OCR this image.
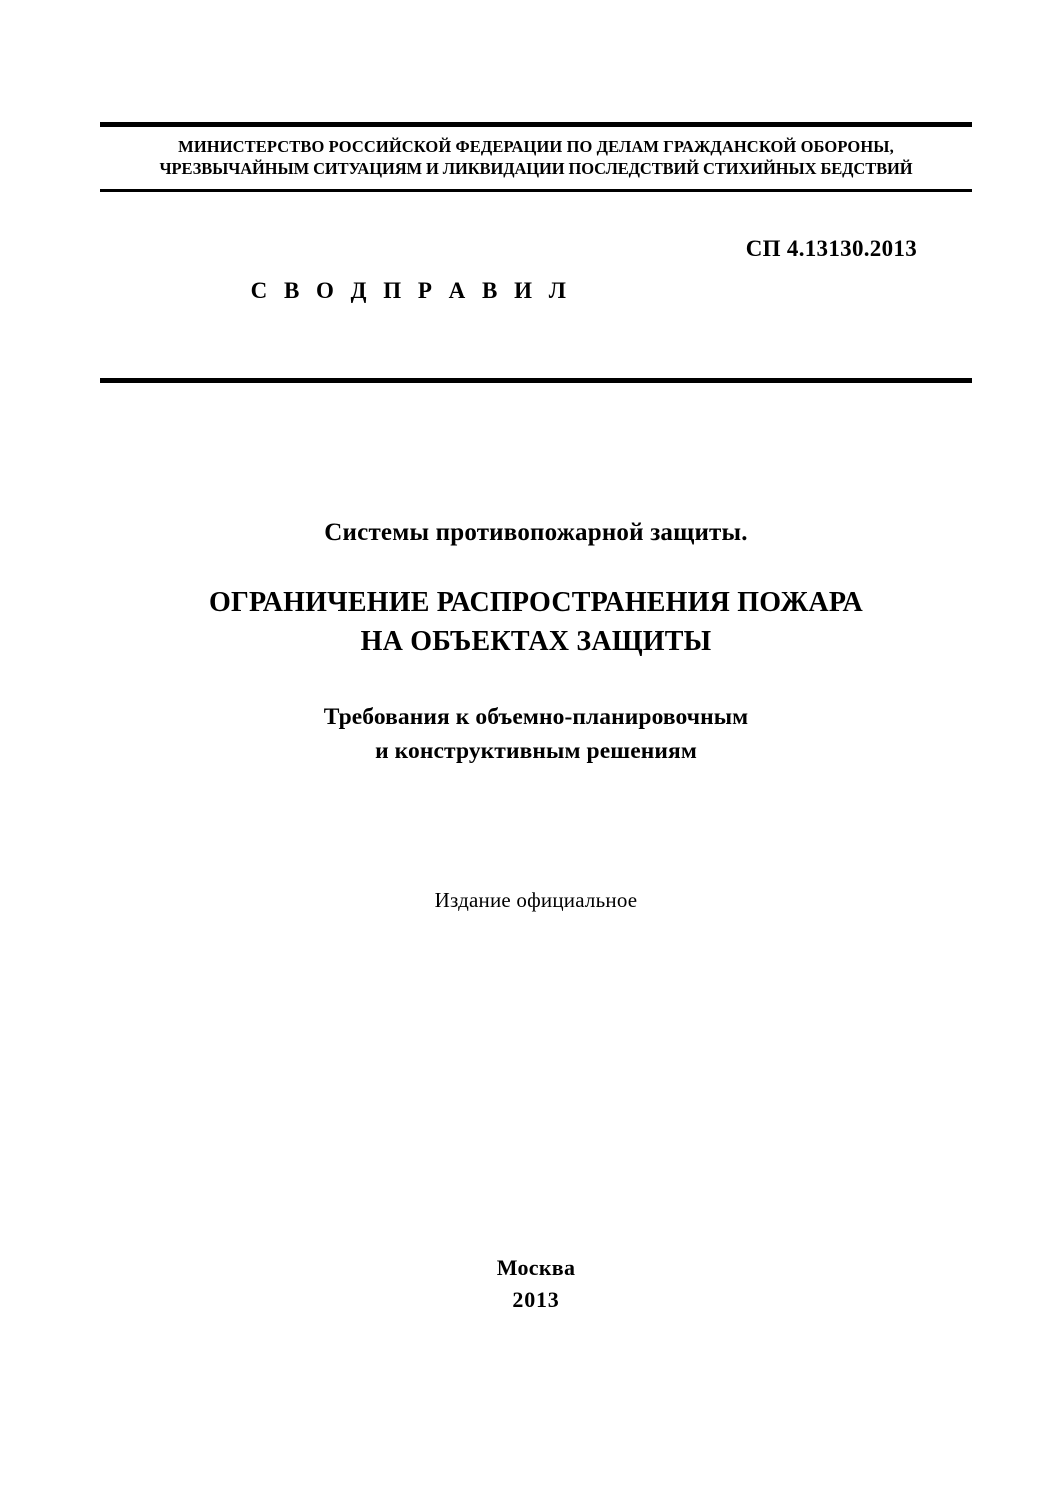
МИНИСТЕРСТВО РОССИЙСКОЙ ФЕДЕРАЦИИ ПО ДЕЛАМ ГРАЖДАНСКОЙ ОБОРОНЫ,
ЧРЕЗВЫЧАЙНЫМ СИТУАЦИЯМ И ЛИКВИДАЦИИ ПОСЛЕДСТВИЙ СТИХИЙНЫХ БЕДСТВИЙ
СП 4.13130.2013
С В О Д П Р А В И Л
Системы противопожарной защиты.
ОГРАНИЧЕНИЕ РАСПРОСТРАНЕНИЯ ПОЖАРА
НА ОБЪЕКТАХ ЗАЩИТЫ
Требования к объемно-планировочным
и конструктивным решениям
Издание официальное
Москва
2013
